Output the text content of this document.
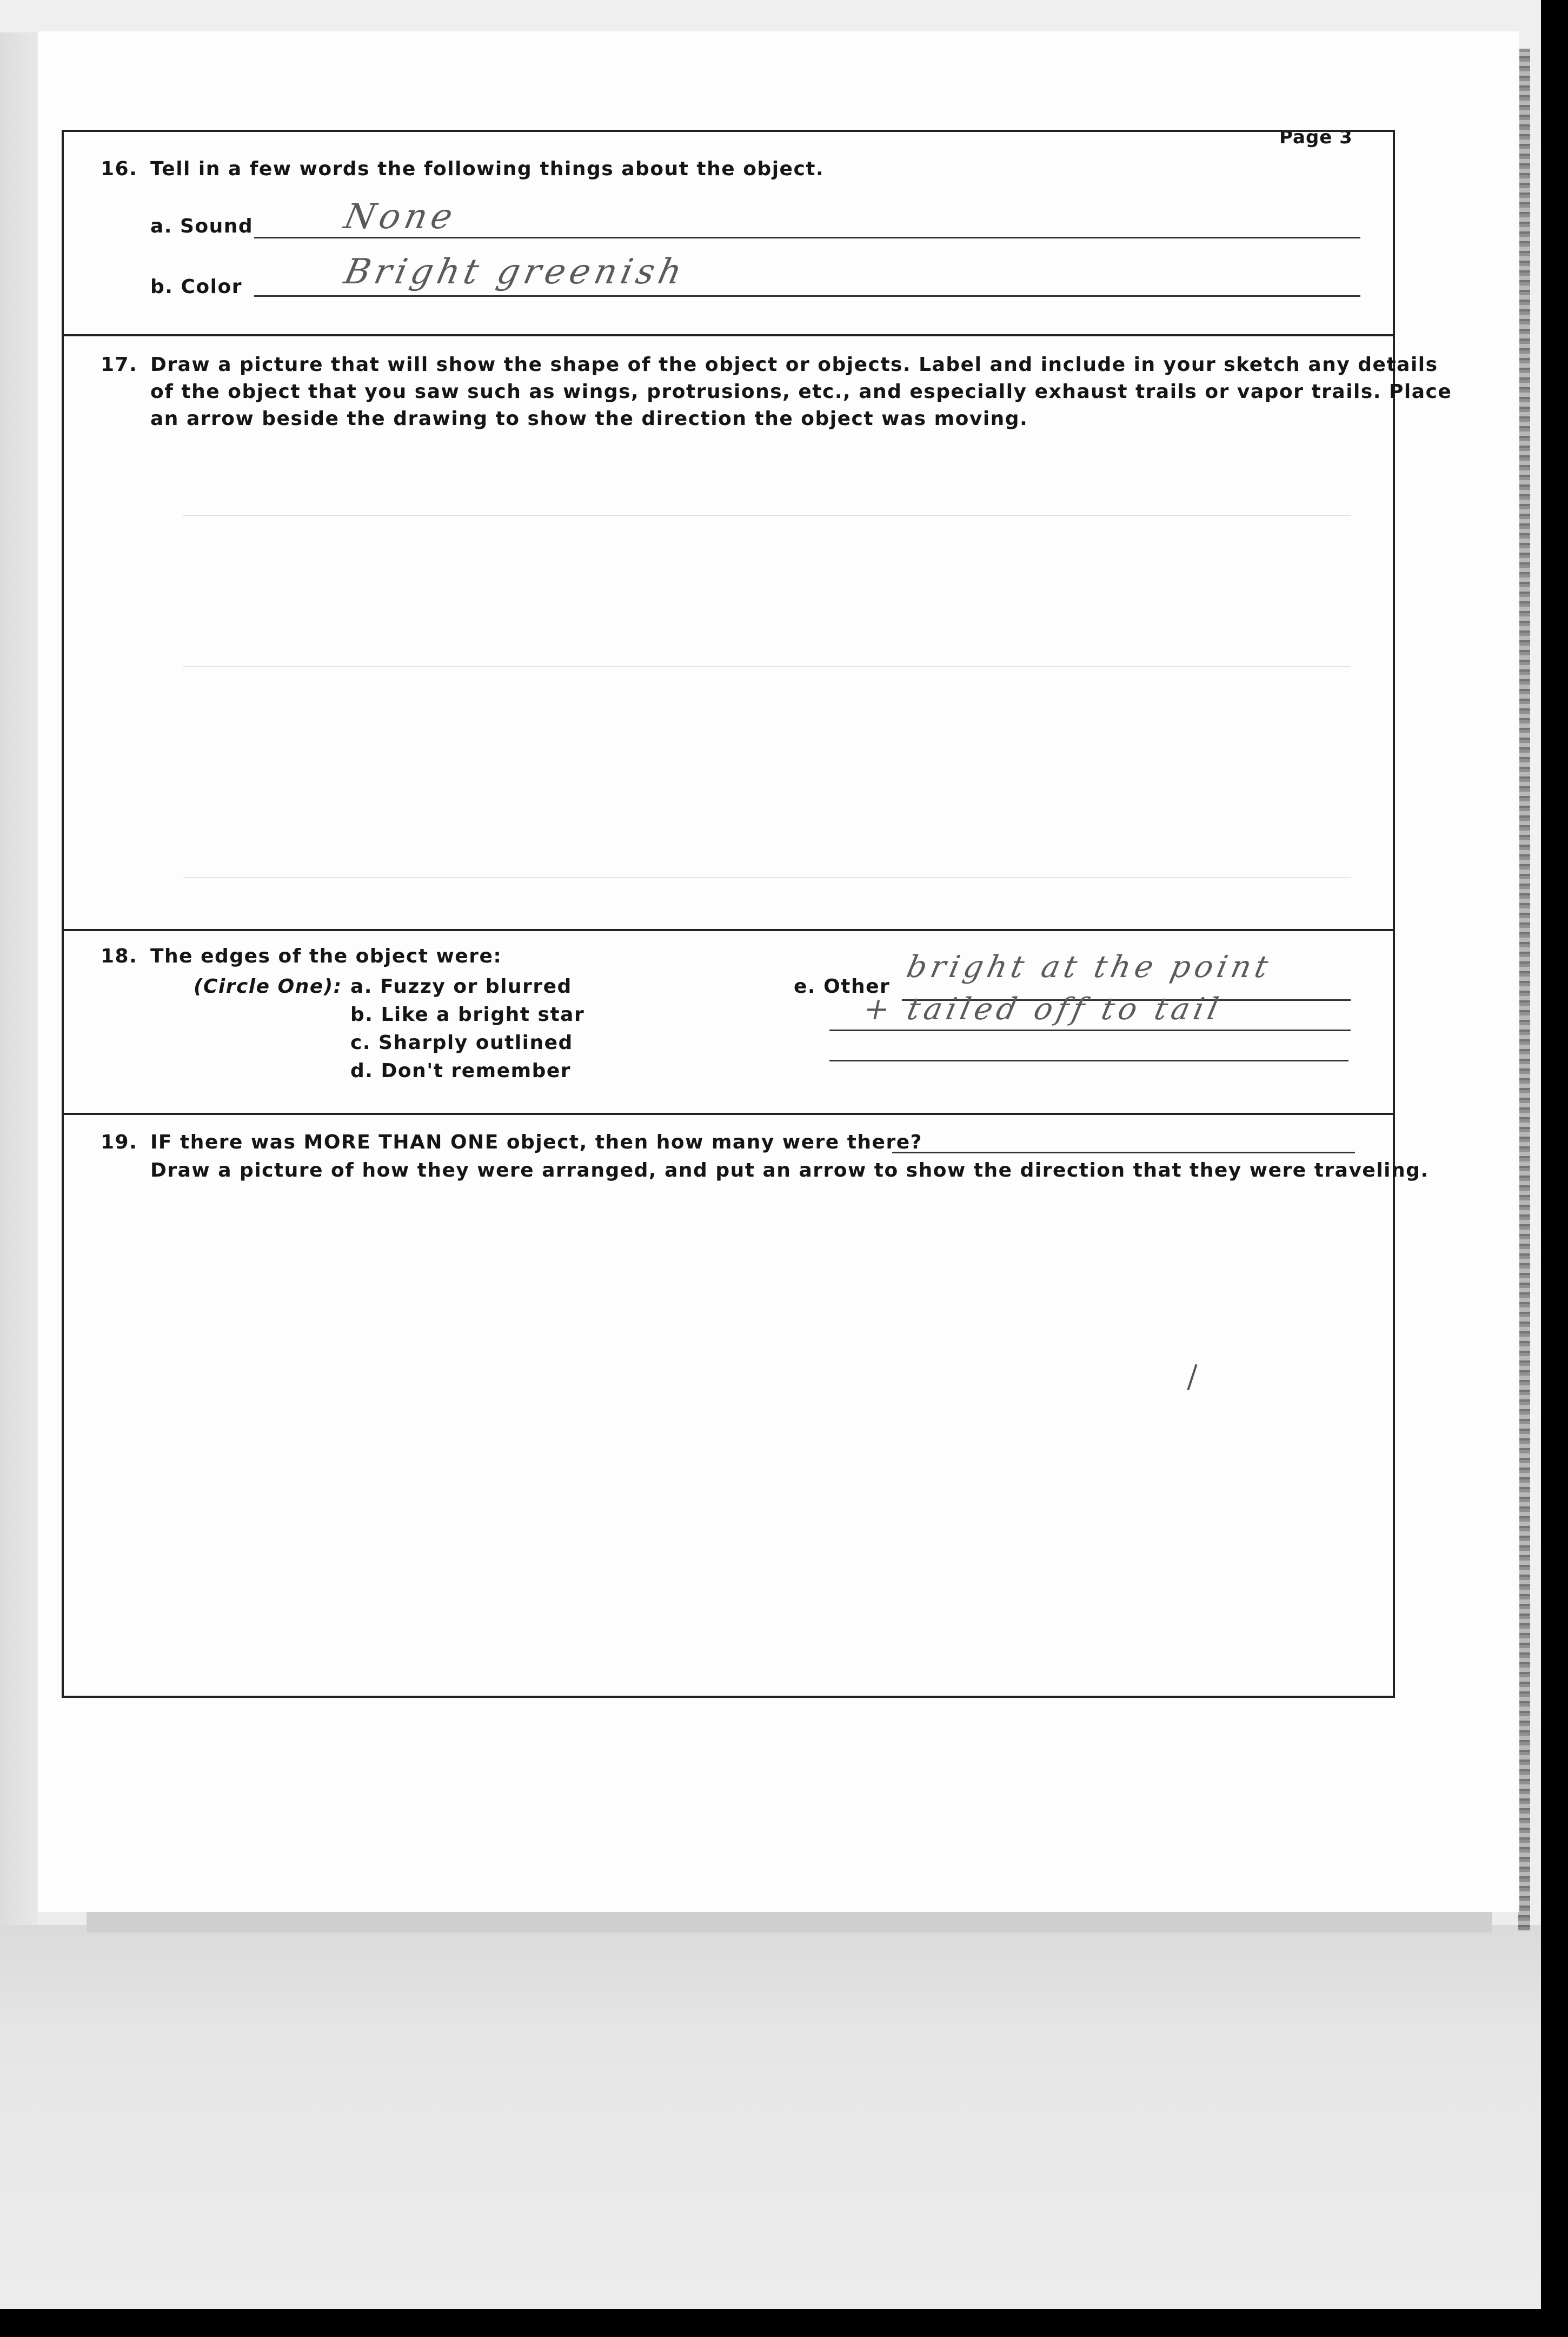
Page 3
16. Tell in a few words the following things about the object.
a. Sound	None
b. Color	Bright greenish
17. Draw a picture that will show the shape of the object or objects. Label and include in your sketch any details
of the object that you saw such as wings, protrusions, etc., and especially exhaust trails or vapor trails. Place
an arrow beside the drawing to show the direction the object was moving.
18. The edges of the object were:
(Circle One): a. Fuzzy or blurred
b. Like a bright star
c. Sharply outlined
d. Don't remember
e. Other
bright at the point
+ tailed off to tail
19. IF there was MORE THAN ONE object, then how many were there?
Draw a picture of how they were arranged, and put an arrow to show the direction that they were traveling.
